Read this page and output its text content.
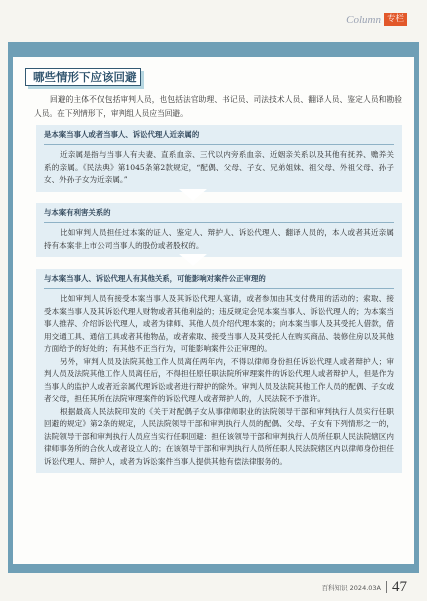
Column 专栏
哪些情形下应该回避

回避的主体不仅包括审判人员，也包括法官助理、书记员、司法技术人员、翻译人员、鉴定人员和勘验人员。在下列情形下，审判组人员应当回避。

是本案当事人或者当事人、诉讼代理人近亲属的

近亲属是指与当事人有夫妻、直系血亲、三代以内旁系血亲、近姻亲关系以及其他有抚养、赡养关系的亲属。《民法典》第1045条第2款规定，“配偶、父母、子女、兄弟姐妹、祖父母、外祖父母、孙子女、外孙子女为近亲属。”

与本案有利害关系的

比如审判人员担任过本案的证人、鉴定人、辩护人、诉讼代理人、翻译人员的，本人或者其近亲属持有本案非上市公司当事人的股份或者股权的。

与本案当事人、诉讼代理人有其他关系，可能影响对案件公正审理的

比如审判人员有接受本案当事人及其诉讼代理人宴请，或者参加由其支付费用的活动的；索取、接受本案当事人及其诉讼代理人财物或者其他利益的；违反规定会见本案当事人、诉讼代理人的；为本案当事人推荐、介绍诉讼代理人，或者为律师、其他人员介绍代理本案的；向本案当事人及其受托人借款，借用交通工具、通信工具或者其他物品，或者索取、接受当事人及其受托人在购买商品、装修住房以及其他方面给予的好处的；有其他不正当行为，可能影响案件公正审理的。

另外，审判人员及法院其他工作人员离任两年内，不得以律师身份担任诉讼代理人或者辩护人；审判人员及法院其他工作人员离任后，不得担任原任职法院所审理案件的诉讼代理人或者辩护人，但是作为当事人的监护人或者近亲属代理诉讼或者进行辩护的除外。审判人员及法院其他工作人员的配偶、子女或者父母，担任其所在法院审理案件的诉讼代理人或者辩护人的，人民法院不予准许。

根据最高人民法院印发的《关于对配偶子女从事律师职业的法院领导干部和审判执行人员实行任职回避的规定》第2条的规定，人民法院领导干部和审判执行人员的配偶、父母、子女有下列情形之一的，法院领导干部和审判执行人员应当实行任职回避：担任该领导干部和审判执行人员所任职人民法院辖区内律师事务所的合伙人或者设立人的；在该领导干部和审判执行人员所任职人民法院辖区内以律师身份担任诉讼代理人、辩护人，或者为诉讼案件当事人提供其他有偿法律服务的。

百科知识 2024.03A 47
